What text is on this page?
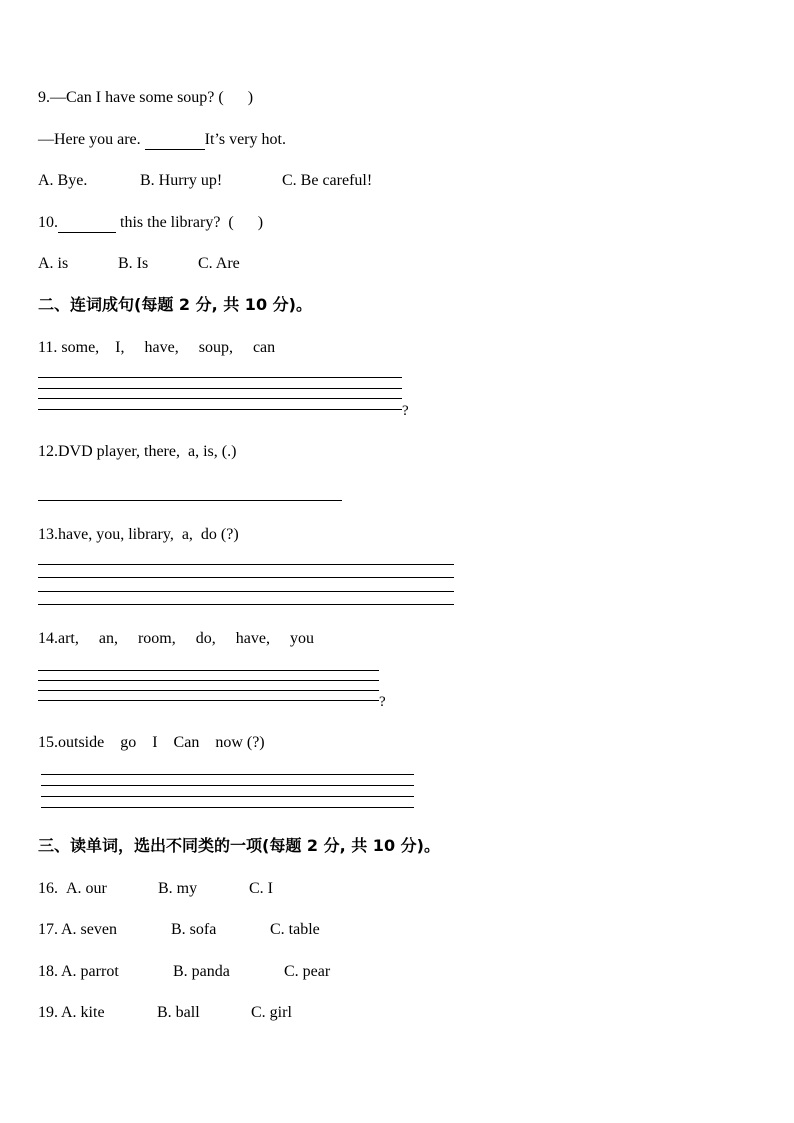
9.—Can I have some soup? (      )
—Here you are.	It’s very hot.
A. Bye.	B. Hurry up!	C. Be careful!
10.	this the library?  (      )
A. is	B. Is	C. Are
二、连词成句(每题 2 分, 共 10 分)。
11. some,    I,     have,     soup,     can
?
12.DVD player, there,  a, is, (.)
13.have, you, library,  a,  do (?)
14.art,     an,     room,     do,     have,     you
?
15.outside    go    I    Can    now (?)
三、读单词，选出不同类的一项(每题 2 分, 共 10 分)。
16. A. our	B. my	C. I
17. A. seven	B. sofa	C. table
18. A. parrot	B. panda	C. pear
19. A. kite	B. ball	C. girl
